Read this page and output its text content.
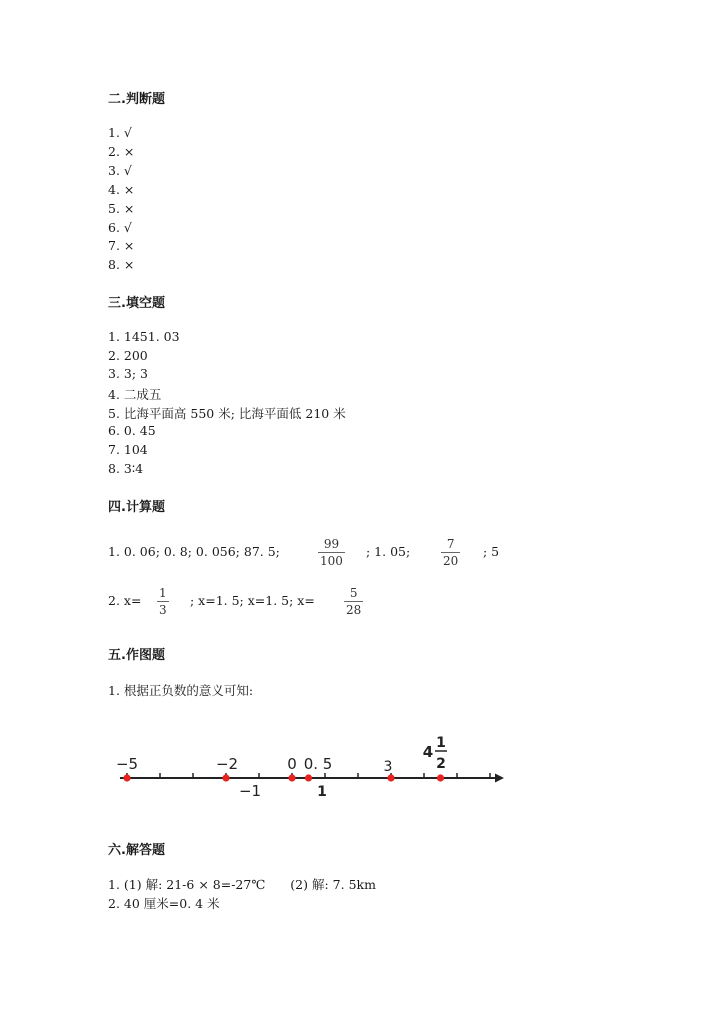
二.判断题
1. √
2. ×
3. √
4. ×
5. ×
6. √
7. ×
8. ×
三.填空题
1. 1451. 03
2. 200
3. 3; 3
4. 二成五
5. 比海平面高 550 米; 比海平面低 210 米
6. 0. 45
7. 104
8. 3∶4
四.计算题
1. 0. 06; 0. 8; 0. 056; 87. 5;	99
100
; 1. 05;	7
20
; 5
2. x= 1
3
; x=1. 5; x=1. 5; x=	5
28
五.作图题
1. 根据正负数的意义可知:
−5	−2	0 0. 5	3
4 1
2
−1	1
六.解答题
1. (1) 解: 21-6 × 8=-27℃　　(2) 解: 7. 5km
2. 40 厘米=0. 4 米
